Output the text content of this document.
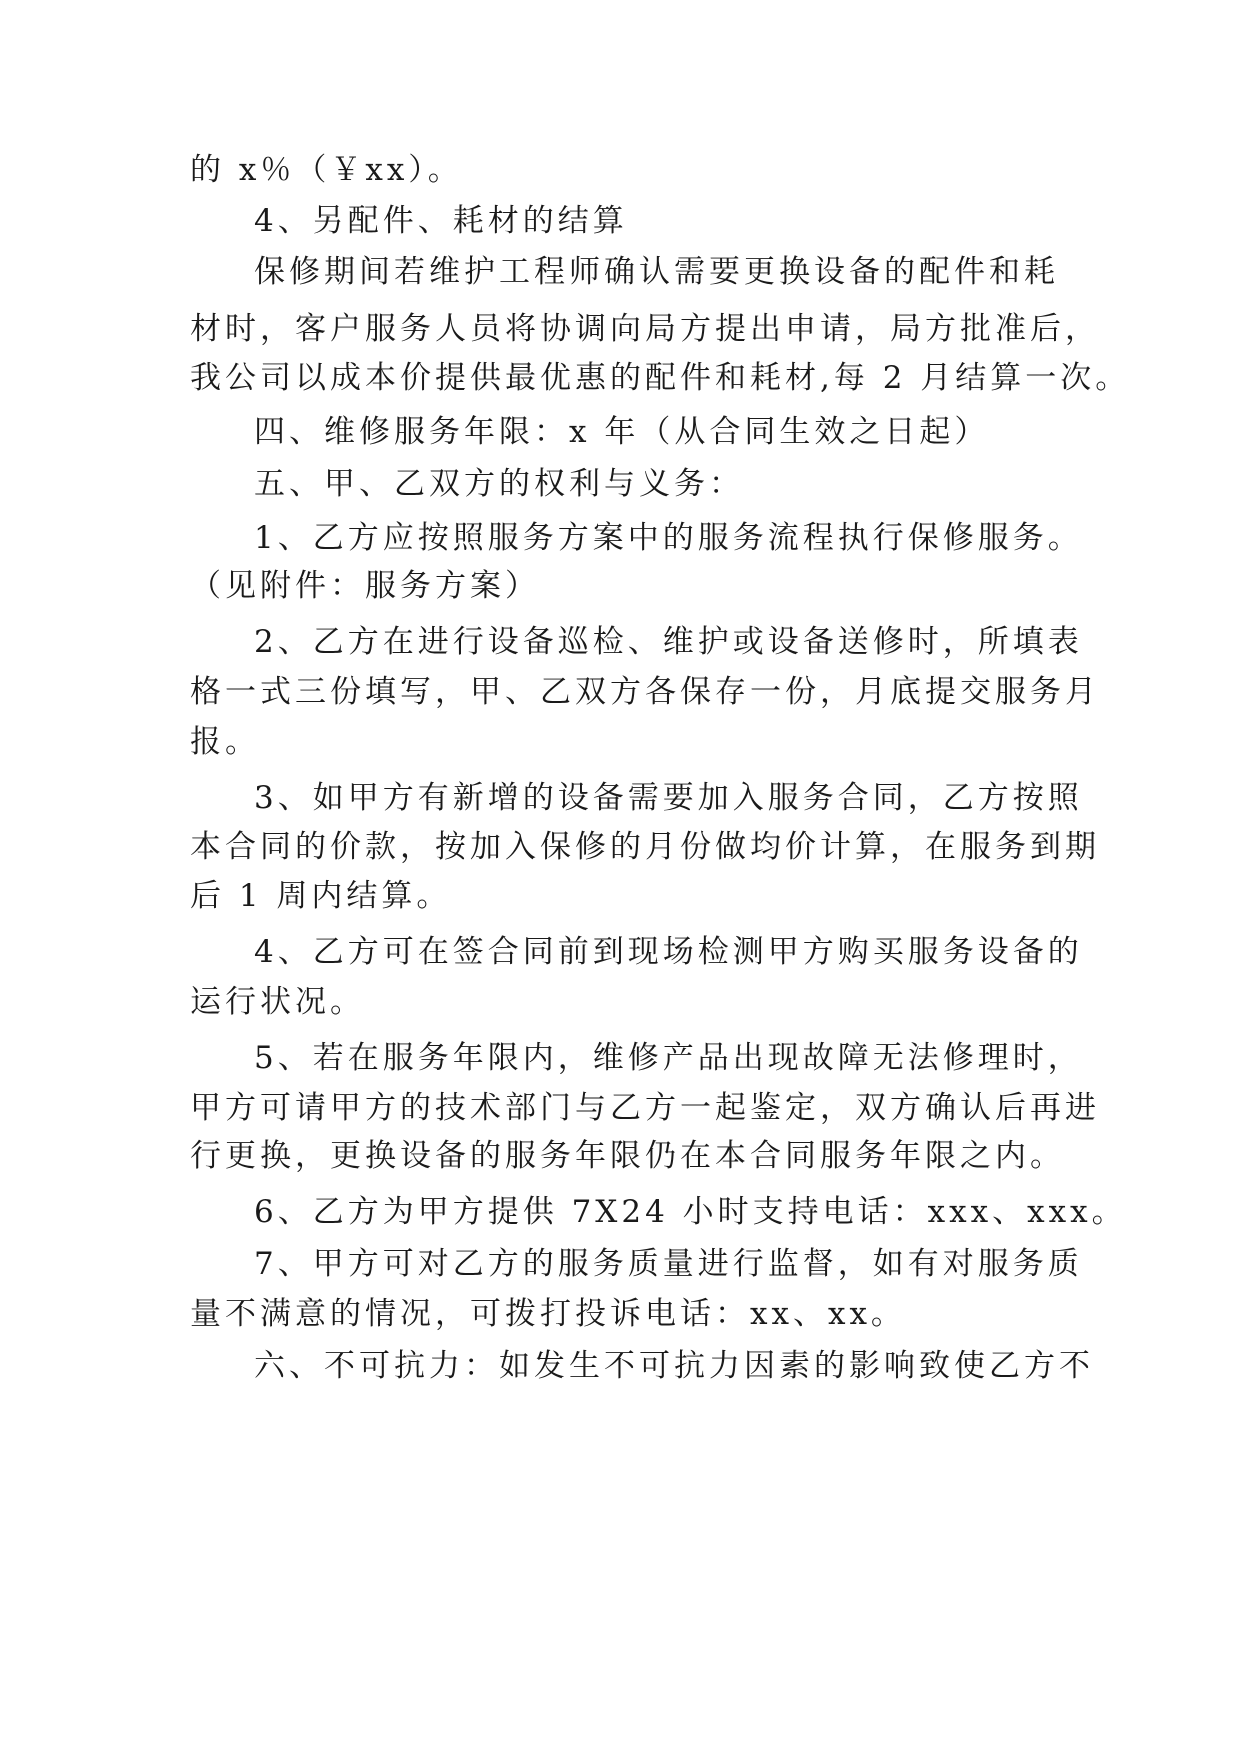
的 x％（￥xx）。
4、另配件、耗材的结算
保修期间若维护工程师确认需要更换设备的配件和耗
材时，客户服务人员将协调向局方提出申请，局方批准后，
我公司以成本价提供最优惠的配件和耗材,每 2 月结算一次。
四、维修服务年限：x 年（从合同生效之日起）
五、甲、乙双方的权利与义务：
1、乙方应按照服务方案中的服务流程执行保修服务。
（见附件：服务方案）
2、乙方在进行设备巡检、维护或设备送修时，所填表
格一式三份填写，甲、乙双方各保存一份，月底提交服务月
报。
3、如甲方有新增的设备需要加入服务合同，乙方按照
本合同的价款，按加入保修的月份做均价计算，在服务到期
后 1 周内结算。
4、乙方可在签合同前到现场检测甲方购买服务设备的
运行状况。
5、若在服务年限内，维修产品出现故障无法修理时，
甲方可请甲方的技术部门与乙方一起鉴定，双方确认后再进
行更换，更换设备的服务年限仍在本合同服务年限之内。
6、乙方为甲方提供 7X24 小时支持电话：xxx、xxx。
7、甲方可对乙方的服务质量进行监督，如有对服务质
量不满意的情况，可拨打投诉电话：xx、xx。
六、不可抗力：如发生不可抗力因素的影响致使乙方不
